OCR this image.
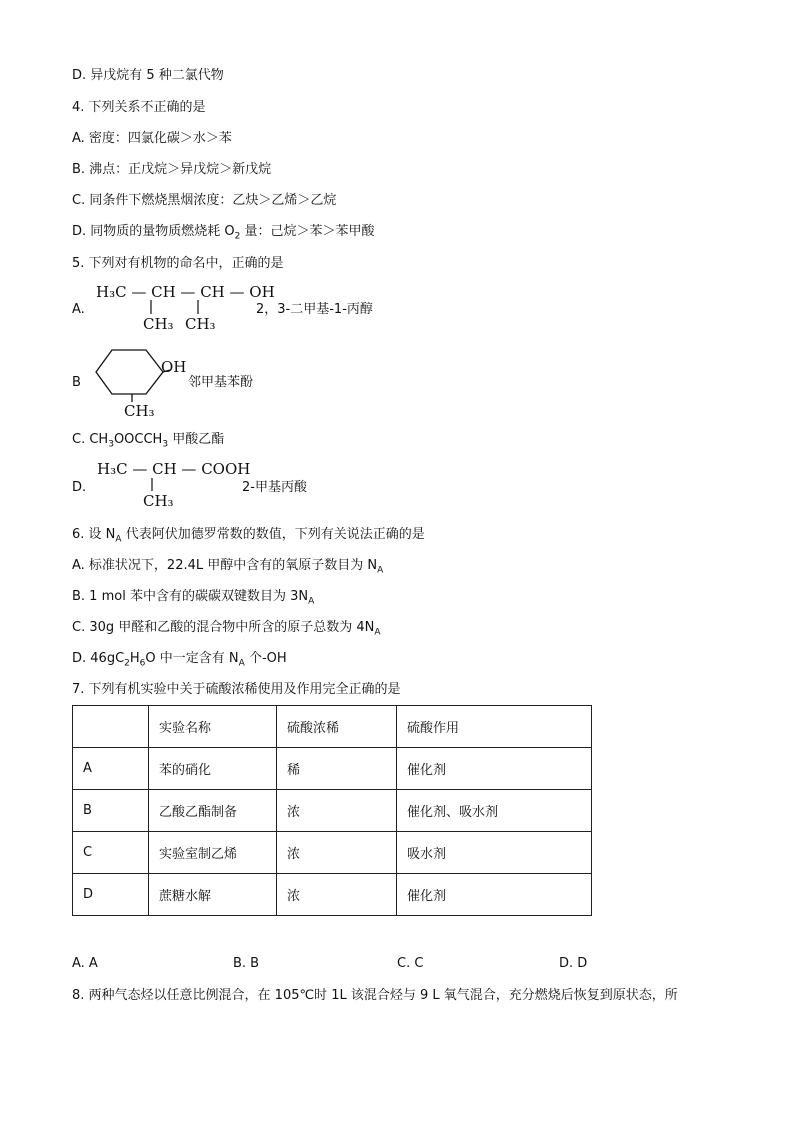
D. 异戊烷有 5 种二氯代物
4. 下列关系不正确的是
A. 密度：四氯化碳＞水＞苯
B. 沸点：正戊烷＞异戊烷＞新戊烷
C. 同条件下燃烧黑烟浓度：乙炔＞乙烯＞乙烷
D. 同物质的量物质燃烧耗 $O_2$ 量：己烷＞苯＞苯甲酸
5. 下列对有机物的命名中，正确的是
A.
H₃C — CH — CH — OH
CH₃ CH₃
2，3-二甲基-1-丙醇
B
OH
CH₃
邻甲基苯酚
C. $CH_3OOCCH_3$ 甲酸乙酯
D.
H₃C — CH — COOH
CH₃
2-甲基丙酸
6. 设 $N_A$ 代表阿伏加德罗常数的数值，下列有关说法正确的是
A. 标准状况下，22.4L 甲醇中含有的氧原子数目为 $N_A$
B. 1 mol 苯中含有的碳碳双键数目为 $3N_A$
C. 30g 甲醛和乙酸的混合物中所含的原子总数为 $4N_A$
D. $46gC_2H_6O$ 中一定含有 $N_A$ 个-OH
7. 下列有机实验中关于硫酸浓稀使用及作用完全正确的是
	实验名称	硫酸浓稀	硫酸作用
A	苯的硝化	稀	催化剂
B	乙酸乙酯制备	浓	催化剂、吸水剂
C	实验室制乙烯	浓	吸水剂
D	蔗糖水解	浓	催化剂
A. A	B. B	C. C	D. D
8. 两种气态烃以任意比例混合，在 105℃时 1L 该混合烃与 9 L 氧气混合，充分燃烧后恢复到原状态，所
